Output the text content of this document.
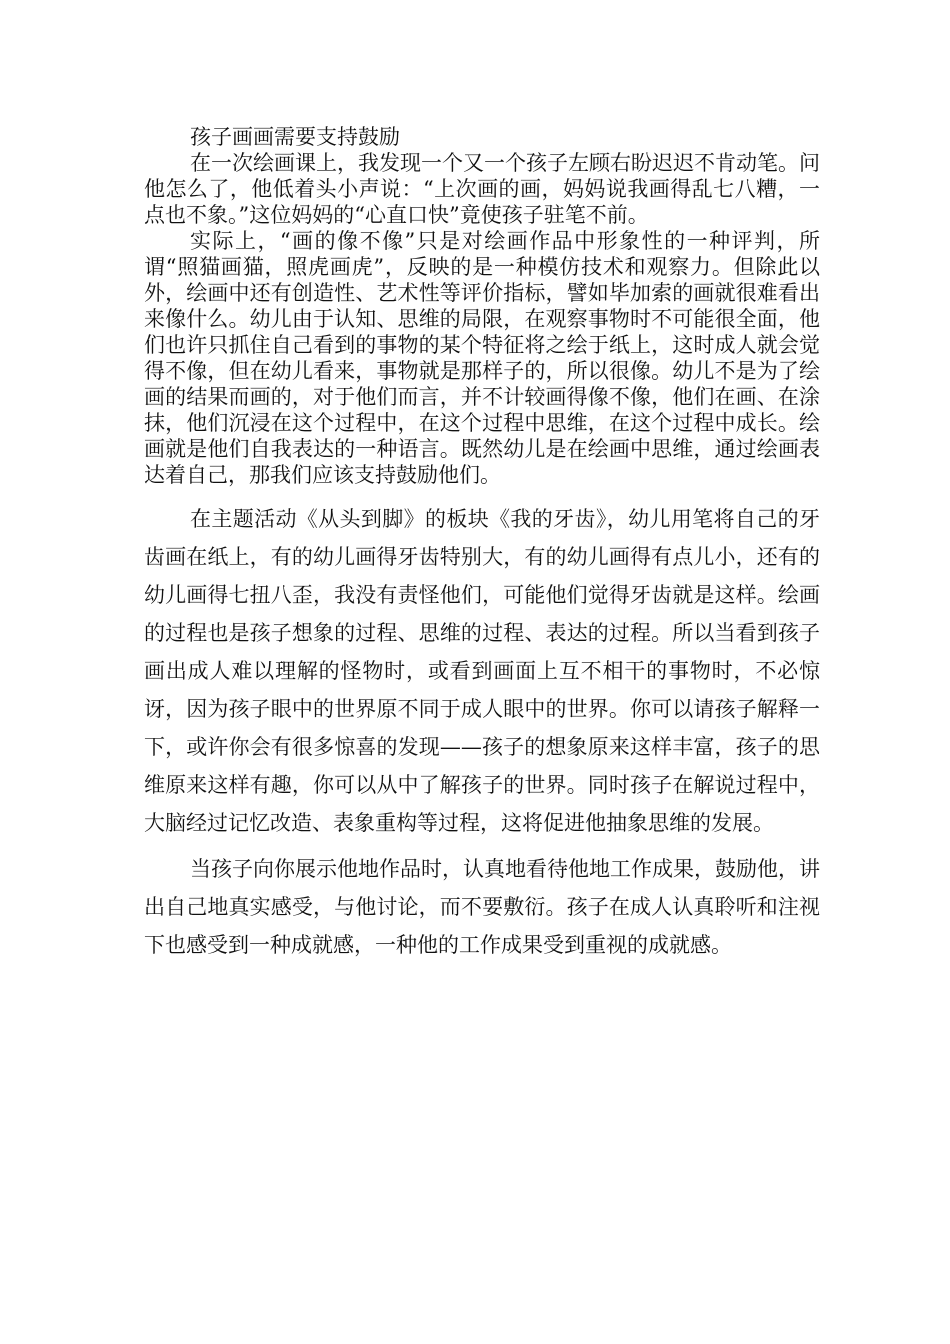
孩子画画需要支持鼓励

在一次绘画课上，我发现一个又一个孩子左顾右盼迟迟不肯动笔。问他怎么了，他低着头小声说：“上次画的画，妈妈说我画得乱七八糟，一点也不象。”这位妈妈的“心直口快”竟使孩子驻笔不前。

实际上，“画的像不像”只是对绘画作品中形象性的一种评判，所谓“照猫画猫，照虎画虎”，反映的是一种模仿技术和观察力。但除此以外，绘画中还有创造性、艺术性等评价指标，譬如毕加索的画就很难看出来像什么。幼儿由于认知、思维的局限，在观察事物时不可能很全面，他们也许只抓住自己看到的事物的某个特征将之绘于纸上，这时成人就会觉得不像，但在幼儿看来，事物就是那样子的，所以很像。幼儿不是为了绘画的结果而画的，对于他们而言，并不计较画得像不像，他们在画、在涂抹，他们沉浸在这个过程中，在这个过程中思维，在这个过程中成长。绘画就是他们自我表达的一种语言。既然幼儿是在绘画中思维，通过绘画表达着自己，那我们应该支持鼓励他们。

在主题活动《从头到脚》的板块《我的牙齿》，幼儿用笔将自己的牙齿画在纸上，有的幼儿画得牙齿特别大，有的幼儿画得有点儿小，还有的幼儿画得七扭八歪，我没有责怪他们，可能他们觉得牙齿就是这样。绘画的过程也是孩子想象的过程、思维的过程、表达的过程。所以当看到孩子画出成人难以理解的怪物时，或看到画面上互不相干的事物时，不必惊讶，因为孩子眼中的世界原不同于成人眼中的世界。你可以请孩子解释一下，或许你会有很多惊喜的发现——孩子的想象原来这样丰富，孩子的思维原来这样有趣，你可以从中了解孩子的世界。同时孩子在解说过程中，大脑经过记忆改造、表象重构等过程，这将促进他抽象思维的发展。

当孩子向你展示他地作品时，认真地看待他地工作成果，鼓励他，讲出自己地真实感受，与他讨论，而不要敷衍。孩子在成人认真聆听和注视下也感受到一种成就感，一种他的工作成果受到重视的成就感。
